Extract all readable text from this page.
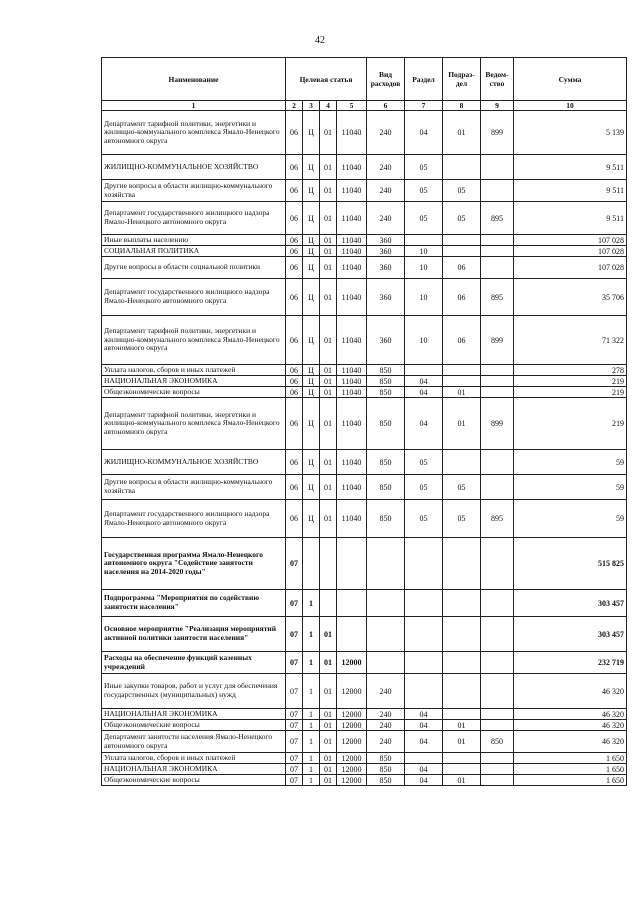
42
Наименование	Целевая статья				Вид расходов	Раздел	Подраз-дел	Ведом-ство	Сумма
1	2	3	4	5	6	7	8	9	10
Департамент тарифной политики, энергетики и жилищно-коммунального комплекса Ямало-Ненецкого автономного округа	06	Ц	01	11040	240	04	01	899	5 139
ЖИЛИЩНО-КОММУНАЛЬНОЕ ХОЗЯЙСТВО	06	Ц	01	11040	240	05			9 511
Другие вопросы в области жилищно-коммунального хозяйства	06	Ц	01	11040	240	05	05		9 511
Департамент государственного жилищного надзора Ямало-Ненецкого автономного округа	06	Ц	01	11040	240	05	05	895	9 511
Иные выплаты населению	06	Ц	01	11040	360				107 028
СОЦИАЛЬНАЯ ПОЛИТИКА	06	Ц	01	11040	360	10			107 028
Другие вопросы в области социальной политики	06	Ц	01	11040	360	10	06		107 028
Департамент государственного жилищного надзора Ямало-Ненецкого автономного округа	06	Ц	01	11040	360	10	06	895	35 706
Департамент тарифной политики, энергетики и жилищно-коммунального комплекса Ямало-Ненецкого автономного округа	06	Ц	01	11040	360	10	06	899	71 322
Уплата налогов, сборов и иных платежей	06	Ц	01	11040	850				278
НАЦИОНАЛЬНАЯ ЭКОНОМИКА	06	Ц	01	11040	850	04			219
Общеэкономические вопросы	06	Ц	01	11040	850	04	01		219
Департамент тарифной политики, энергетики и жилищно-коммунального комплекса Ямало-Ненецкого автономного округа	06	Ц	01	11040	850	04	01	899	219
ЖИЛИЩНО-КОММУНАЛЬНОЕ ХОЗЯЙСТВО	06	Ц	01	11040	850	05			59
Другие вопросы в области жилищно-коммунального хозяйства	06	Ц	01	11040	850	05	05		59
Департамент государственного жилищного надзора Ямало-Ненецкого автономного округа	06	Ц	01	11040	850	05	05	895	59
Государственная программа Ямало-Ненецкого автономного округа "Содействие занятости населения на 2014-2020 годы"	07								515 825
Подпрограмма "Мероприятия по содействию занятости населения"	07	1							303 457
Основное мероприятие "Реализация мероприятий активной политики занятости населения"	07	1	01						303 457
Расходы на обеспечение функций казенных учреждений	07	1	01	12000					232 719
Иные закупки товаров, работ и услуг для обеспечения государственных (муниципальных) нужд	07	1	01	12000	240				46 320
НАЦИОНАЛЬНАЯ ЭКОНОМИКА	07	1	01	12000	240	04			46 320
Общеэкономические вопросы	07	1	01	12000	240	04	01		46 320
Департамент занятости населения Ямало-Ненецкого автономного округа	07	1	01	12000	240	04	01	850	46 320
Уплата налогов, сборов и иных платежей	07	1	01	12000	850				1 650
НАЦИОНАЛЬНАЯ ЭКОНОМИКА	07	1	01	12000	850	04			1 650
Общеэкономические вопросы	07	1	01	12000	850	04	01		1 650
